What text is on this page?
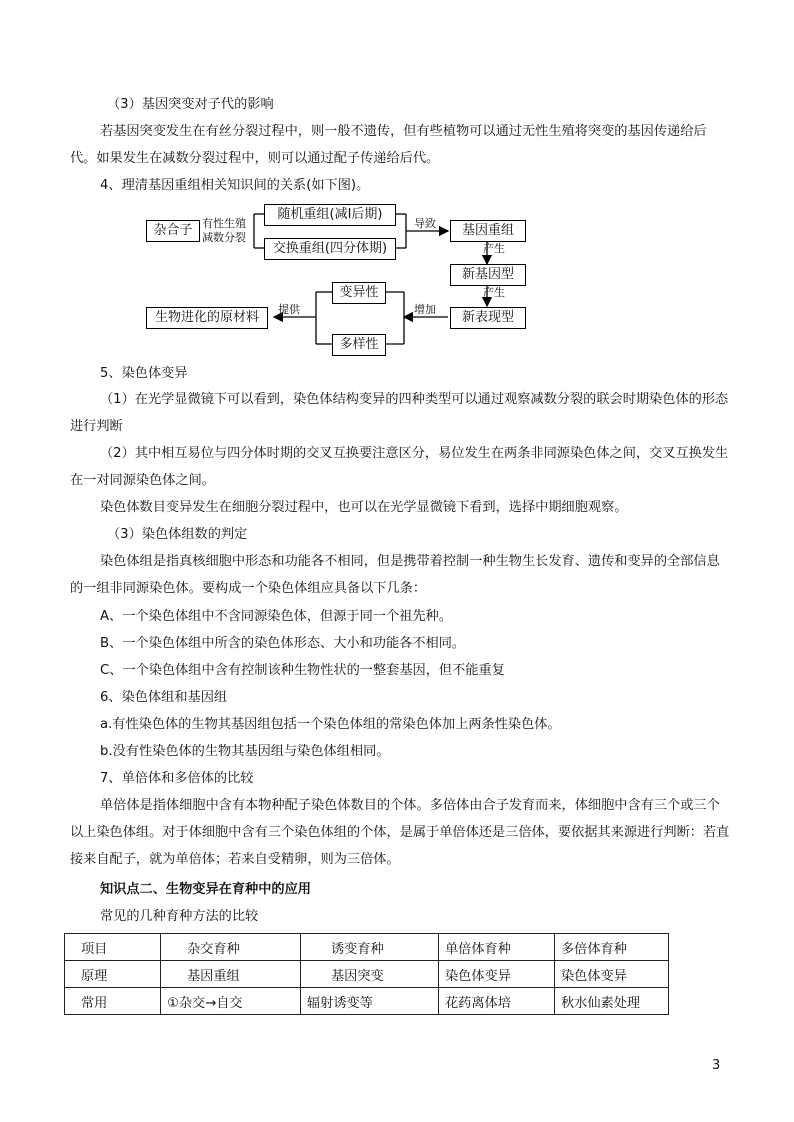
（3）基因突变对子代的影响
若基因突变发生在有丝分裂过程中，则一般不遗传，但有些植物可以通过无性生殖将突变的基因传递给后代。如果发生在减数分裂过程中，则可以通过配子传递给后代。
4、理清基因重组相关知识间的关系(如下图)。
杂合子 有性生殖
减数分裂
随机重组(减Ⅰ后期)
交换重组(四分体期)
导致	基因重组
产生
新基因型
产生
新表现型
增加
变异性
多样性
提供
生物进化的原材料
5、染色体变异
（1）在光学显微镜下可以看到，染色体结构变异的四种类型可以通过观察减数分裂的联会时期染色体的形态进行判断
（2）其中相互易位与四分体时期的交叉互换要注意区分，易位发生在两条非同源染色体之间，交叉互换发生在一对同源染色体之间。
染色体数目变异发生在细胞分裂过程中，也可以在光学显微镜下看到，选择中期细胞观察。
（3）染色体组数的判定
染色体组是指真核细胞中形态和功能各不相同，但是携带着控制一种生物生长发育、遗传和变异的全部信息的一组非同源染色体。要构成一个染色体组应具备以下几条：
A、一个染色体组中不含同源染色体，但源于同一个祖先种。
B、一个染色体组中所含的染色体形态、大小和功能各不相同。
C、一个染色体组中含有控制该种生物性状的一整套基因，但不能重复
6、染色体组和基因组
a.有性染色体的生物其基因组包括一个染色体组的常染色体加上两条性染色体。
b.没有性染色体的生物其基因组与染色体组相同。
7、单倍体和多倍体的比较
单倍体是指体细胞中含有本物种配子染色体数目的个体。多倍体由合子发育而来，体细胞中含有三个或三个以上染色体组。对于体细胞中含有三个染色体组的个体，是属于单倍体还是三倍体，要依据其来源进行判断：若直接来自配子，就为单倍体；若来自受精卵，则为三倍体。
知识点二、生物变异在育种中的应用
常见的几种育种方法的比较
项目	杂交育种	诱变育种	单倍体育种	多倍体育种
原理	基因重组	基因突变	染色体变异	染色体变异
常用	①杂交→自交	辐射诱变等	花药离体培	秋水仙素处理
3
